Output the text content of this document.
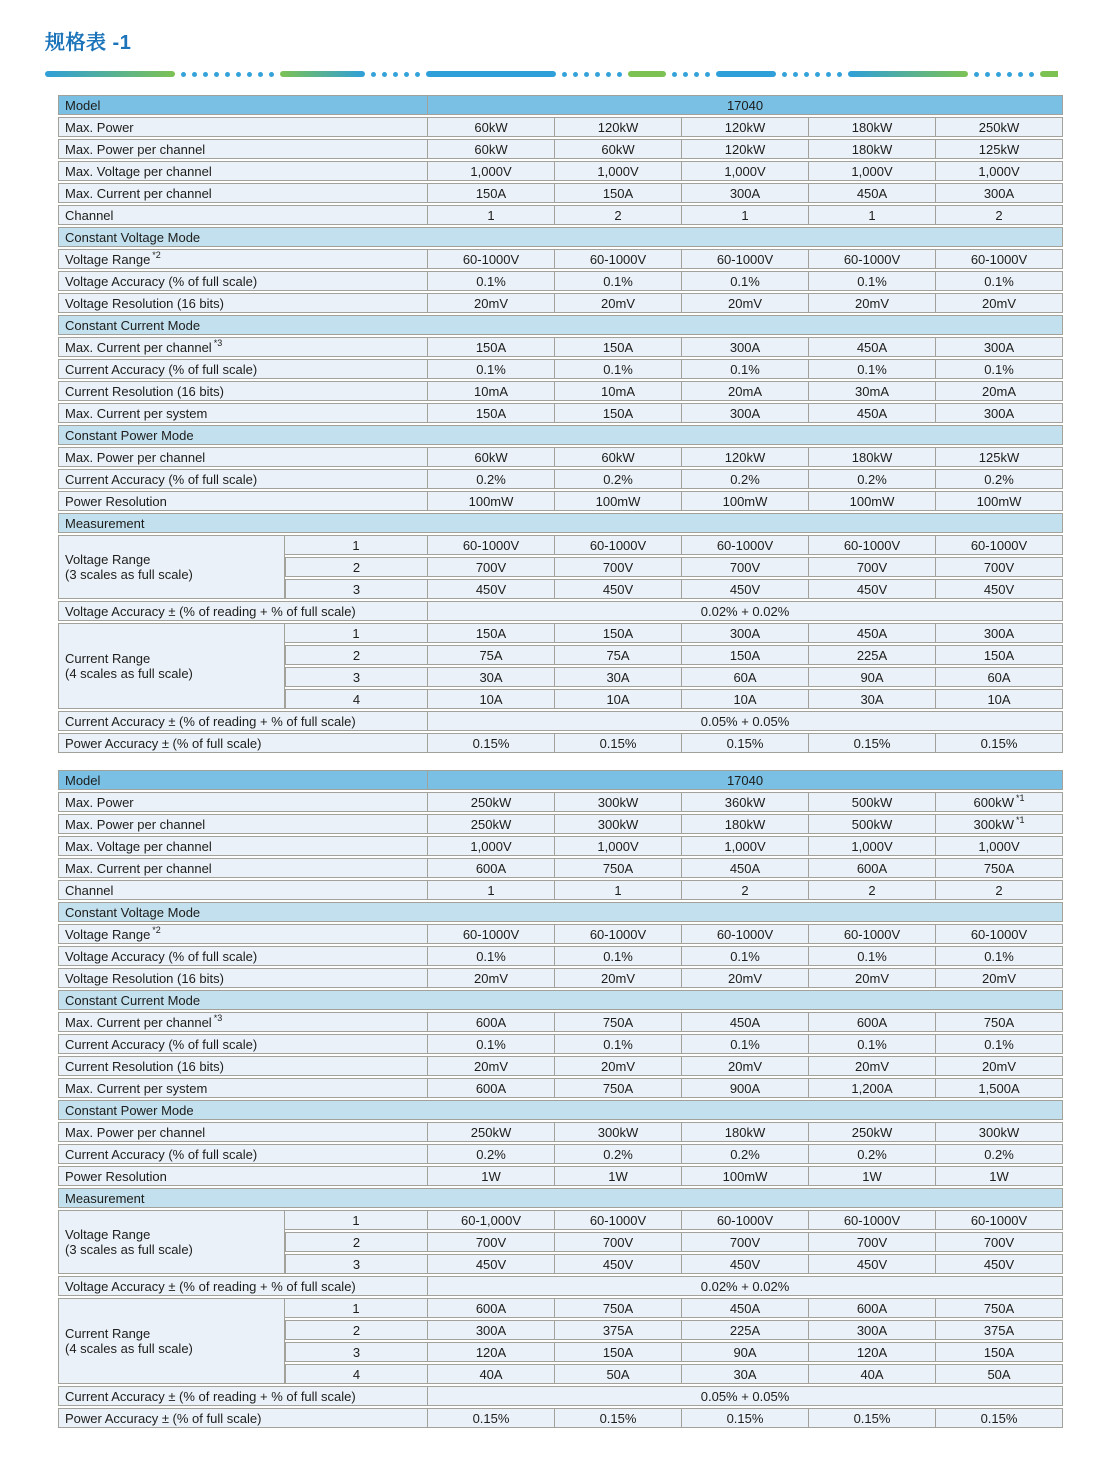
规格表 -1
Model		17040				
Max. Power		60kW	120kW	120kW	180kW	250kW
Max. Power per channel		60kW	60kW	120kW	180kW	125kW
Max. Voltage per channel		1,000V	1,000V	1,000V	1,000V	1,000V
Max. Current per channel		150A	150A	300A	450A	300A
Channel		1	2	1	1	2
Constant Voltage Mode						
Voltage Range $^{*2}$		60-1000V	60-1000V	60-1000V	60-1000V	60-1000V
Voltage Accuracy (% of full scale)		0.1%	0.1%	0.1%	0.1%	0.1%
Voltage Resolution (16 bits)		20mV	20mV	20mV	20mV	20mV
Constant Current Mode						
Max. Current per channel $^{*3}$		150A	150A	300A	450A	300A
Current Accuracy (% of full scale)		0.1%	0.1%	0.1%	0.1%	0.1%
Current Resolution (16 bits)		10mA	10mA	20mA	30mA	20mA
Max. Current per system		150A	150A	300A	450A	300A
Constant Power Mode						
Max. Power per channel		60kW	60kW	120kW	180kW	125kW
Current Accuracy (% of full scale)		0.2%	0.2%	0.2%	0.2%	0.2%
Power Resolution		100mW	100mW	100mW	100mW	100mW
Measurement						
Voltage Range
(3 scales as full scale)	1	60-1000V	60-1000V	60-1000V	60-1000V	60-1000V
	2	700V	700V	700V	700V	700V
	3	450V	450V	450V	450V	450V
Voltage Accuracy ± (% of reading + % of full scale)		0.02% + 0.02%				
Current Range
(4 scales as full scale)	1	150A	150A	300A	450A	300A
	2	75A	75A	150A	225A	150A
	3	30A	30A	60A	90A	60A
	4	10A	10A	10A	30A	10A
Current Accuracy ± (% of reading + % of full scale)		0.05% + 0.05%				
Power Accuracy ± (% of full scale)		0.15%	0.15%	0.15%	0.15%	0.15%
Model		17040				
Max. Power		250kW	300kW	360kW	500kW	600kW $^{*1}$
Max. Power per channel		250kW	300kW	180kW	500kW	300kW $^{*1}$
Max. Voltage per channel		1,000V	1,000V	1,000V	1,000V	1,000V
Max. Current per channel		600A	750A	450A	600A	750A
Channel		1	1	2	2	2
Constant Voltage Mode						
Voltage Range $^{*2}$		60-1000V	60-1000V	60-1000V	60-1000V	60-1000V
Voltage Accuracy (% of full scale)		0.1%	0.1%	0.1%	0.1%	0.1%
Voltage Resolution (16 bits)		20mV	20mV	20mV	20mV	20mV
Constant Current Mode						
Max. Current per channel $^{*3}$		600A	750A	450A	600A	750A
Current Accuracy (% of full scale)		0.1%	0.1%	0.1%	0.1%	0.1%
Current Resolution (16 bits)		20mV	20mV	20mV	20mV	20mV
Max. Current per system		600A	750A	900A	1,200A	1,500A
Constant Power Mode						
Max. Power per channel		250kW	300kW	180kW	250kW	300kW
Current Accuracy (% of full scale)		0.2%	0.2%	0.2%	0.2%	0.2%
Power Resolution		1W	1W	100mW	1W	1W
Measurement						
Voltage Range
(3 scales as full scale)	1	60-1,000V	60-1000V	60-1000V	60-1000V	60-1000V
	2	700V	700V	700V	700V	700V
	3	450V	450V	450V	450V	450V
Voltage Accuracy ± (% of reading + % of full scale)		0.02% + 0.02%				
Current Range
(4 scales as full scale)	1	600A	750A	450A	600A	750A
	2	300A	375A	225A	300A	375A
	3	120A	150A	90A	120A	150A
	4	40A	50A	30A	40A	50A
Current Accuracy ± (% of reading + % of full scale)		0.05% + 0.05%				
Power Accuracy ± (% of full scale)		0.15%	0.15%	0.15%	0.15%	0.15%
